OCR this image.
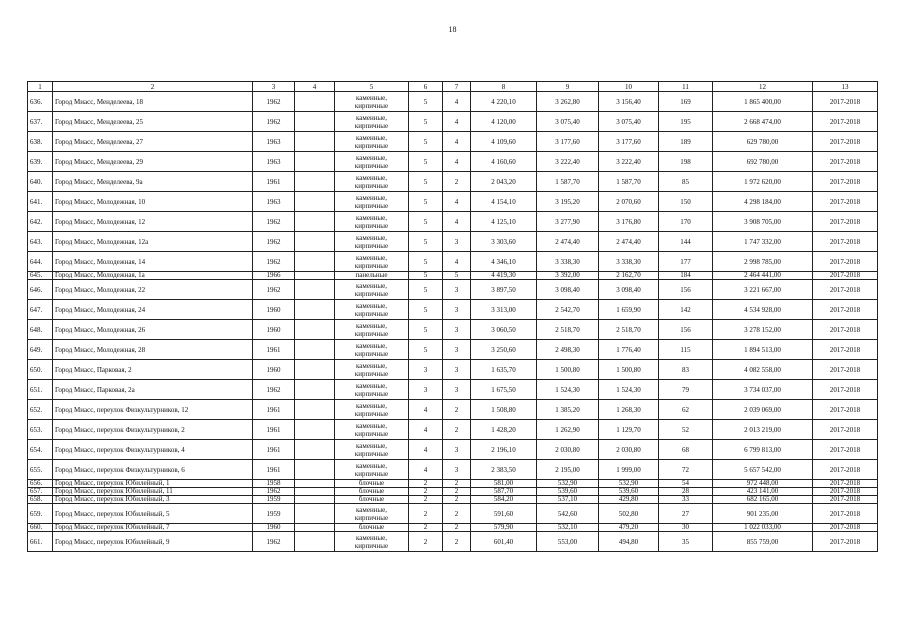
18
1	2	3	4	5	6	7	8	9	10	11	12	13
636.	Город Миасс, Менделеева, 18	1962		каменные,
кирпичные	5	4	4 220,10	3 262,80	3 156,40	169	1 865 400,00	2017-2018
637.	Город Миасс, Менделеева, 25	1962		каменные,
кирпичные	5	4	4 120,00	3 075,40	3 075,40	195	2 668 474,00	2017-2018
638.	Город Миасс, Менделеева, 27	1963		каменные,
кирпичные	5	4	4 109,60	3 177,60	3 177,60	189	629 780,00	2017-2018
639.	Город Миасс, Менделеева, 29	1963		каменные,
кирпичные	5	4	4 160,60	3 222,40	3 222,40	198	692 780,00	2017-2018
640.	Город Миасс, Менделеева, 9а	1961		каменные,
кирпичные	5	2	2 043,20	1 587,70	1 587,70	85	1 972 620,00	2017-2018
641.	Город Миасс, Молодежная, 10	1963		каменные,
кирпичные	5	4	4 154,10	3 195,20	2 070,60	150	4 298 184,00	2017-2018
642.	Город Миасс, Молодежная, 12	1962		каменные,
кирпичные	5	4	4 125,10	3 277,90	3 176,80	170	3 908 705,00	2017-2018
643.	Город Миасс, Молодежная, 12а	1962		каменные,
кирпичные	5	3	3 303,60	2 474,40	2 474,40	144	1 747 332,00	2017-2018
644.	Город Миасс, Молодежная, 14	1962		каменные,
кирпичные	5	4	4 346,10	3 338,30	3 338,30	177	2 998 785,00	2017-2018
645.	Город Миасс, Молодежная, 1а	1966		панельные	5	5	4 419,30	3 392,00	2 162,70	184	2 464 441,00	2017-2018
646.	Город Миасс, Молодежная, 22	1962		каменные,
кирпичные	5	3	3 897,50	3 098,40	3 098,40	156	3 221 667,00	2017-2018
647.	Город Миасс, Молодежная, 24	1960		каменные,
кирпичные	5	3	3 313,00	2 542,70	1 659,90	142	4 534 928,00	2017-2018
648.	Город Миасс, Молодежная, 26	1960		каменные,
кирпичные	5	3	3 060,50	2 518,70	2 518,70	156	3 278 152,00	2017-2018
649.	Город Миасс, Молодежная, 28	1961		каменные,
кирпичные	5	3	3 250,60	2 498,30	1 776,40	115	1 894 513,00	2017-2018
650.	Город Миасс, Парковая, 2	1960		каменные,
кирпичные	3	3	1 635,70	1 500,80	1 500,80	83	4 082 558,00	2017-2018
651.	Город Миасс, Парковая, 2а	1962		каменные,
кирпичные	3	3	1 675,50	1 524,30	1 524,30	79	3 734 037,00	2017-2018
652.	Город Миасс, переулок Физкультурников, 12	1961		каменные,
кирпичные	4	2	1 508,80	1 385,20	1 268,30	62	2 039 069,00	2017-2018
653.	Город Миасс, переулок Физкультурников, 2	1961		каменные,
кирпичные	4	2	1 428,20	1 262,90	1 129,70	52	2 013 219,00	2017-2018
654.	Город Миасс, переулок Физкультурников, 4	1961		каменные,
кирпичные	4	3	2 196,10	2 030,80	2 030,80	68	6 799 813,00	2017-2018
655.	Город Миасс, переулок Физкультурников, 6	1961		каменные,
кирпичные	4	3	2 383,50	2 195,00	1 999,00	72	5 657 542,00	2017-2018
656.	Город Миасс, переулок Юбилейный, 1	1958		блочные	2	2	581,00	532,90	532,90	54	972 448,00	2017-2018
657.	Город Миасс, переулок Юбилейный, 11	1962		блочные	2	2	587,70	539,60	539,60	28	423 141,00	2017-2018
658.	Город Миасс, переулок Юбилейный, 3	1959		блочные	2	2	584,20	537,10	429,80	33	682 165,00	2017-2018
659.	Город Миасс, переулок Юбилейный, 5	1959		каменные,
кирпичные	2	2	591,60	542,60	502,80	27	901 235,00	2017-2018
660.	Город Миасс, переулок Юбилейный, 7	1960		блочные	2	2	579,90	532,10	479,20	30	1 022 033,00	2017-2018
661.	Город Миасс, переулок Юбилейный, 9	1962		каменные,
кирпичные	2	2	601,40	553,00	494,80	35	855 759,00	2017-2018
